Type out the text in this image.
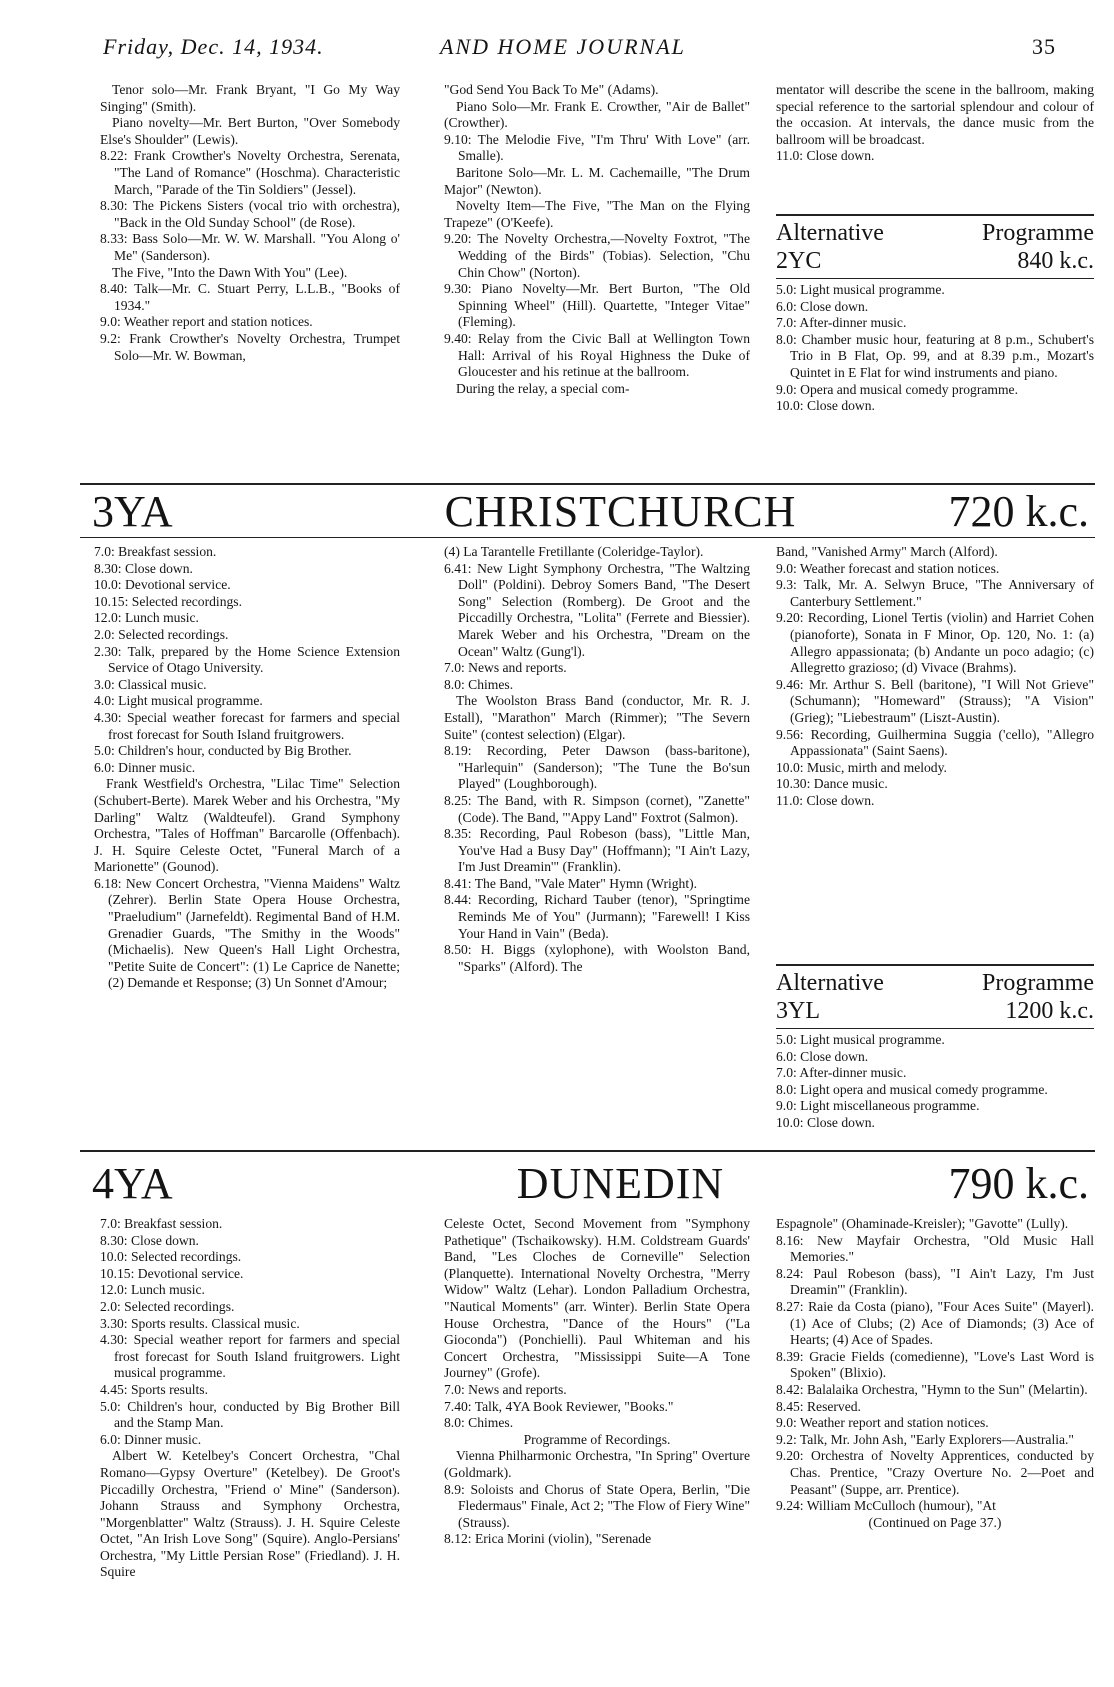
Friday, Dec. 14, 1934.	AND HOME JOURNAL	35

Tenor solo—Mr. Frank Bryant, "I Go My Way Singing" (Smith).

Piano novelty—Mr. Bert Burton, "Over Somebody Else's Shoulder" (Lewis).

8.22: Frank Crowther's Novelty Orchestra, Serenata, "The Land of Romance" (Hoschma). Characteristic March, "Parade of the Tin Soldiers" (Jessel).

8.30: The Pickens Sisters (vocal trio with orchestra), "Back in the Old Sunday School" (de Rose).

8.33: Bass Solo—Mr. W. W. Marshall. "You Along o' Me" (Sanderson).

The Five, "Into the Dawn With You" (Lee).

8.40: Talk—Mr. C. Stuart Perry, L.L.B., "Books of 1934."

9.0: Weather report and station notices.

9.2: Frank Crowther's Novelty Orchestra, Trumpet Solo—Mr. W. Bowman,

"God Send You Back To Me" (Adams).

Piano Solo—Mr. Frank E. Crowther, "Air de Ballet" (Crowther).

9.10: The Melodie Five, "I'm Thru' With Love" (arr. Smalle).

Baritone Solo—Mr. L. M. Cachemaille, "The Drum Major" (Newton).

Novelty Item—The Five, "The Man on the Flying Trapeze" (O'Keefe).

9.20: The Novelty Orchestra,—Novelty Foxtrot, "The Wedding of the Birds" (Tobias). Selection, "Chu Chin Chow" (Norton).

9.30: Piano Novelty—Mr. Bert Burton, "The Old Spinning Wheel" (Hill). Quartette, "Integer Vitae" (Fleming).

9.40: Relay from the Civic Ball at Wellington Town Hall: Arrival of his Royal Highness the Duke of Gloucester and his retinue at the ballroom.

During the relay, a special com-

mentator will describe the scene in the ballroom, making special reference to the sartorial splendour and colour of the occasion. At intervals, the dance music from the ballroom will be broadcast.

11.0: Close down.

Alternative	Programme
2YC	840 k.c.

5.0: Light musical programme.

6.0: Close down.

7.0: After-dinner music.

8.0: Chamber music hour, featuring at 8 p.m., Schubert's Trio in B Flat, Op. 99, and at 8.39 p.m., Mozart's Quintet in E Flat for wind instruments and piano.

9.0: Opera and musical comedy programme.

10.0: Close down.

3YA	CHRISTCHURCH	720 k.c.

7.0: Breakfast session.

8.30: Close down.

10.0: Devotional service.

10.15: Selected recordings.

12.0: Lunch music.

2.0: Selected recordings.

2.30: Talk, prepared by the Home Science Extension Service of Otago University.

3.0: Classical music.

4.0: Light musical programme.

4.30: Special weather forecast for farmers and special frost forecast for South Island fruitgrowers.

5.0: Children's hour, conducted by Big Brother.

6.0: Dinner music.

Frank Westfield's Orchestra, "Lilac Time" Selection (Schubert-Berte). Marek Weber and his Orchestra, "My Darling" Waltz (Waldteufel). Grand Symphony Orchestra, "Tales of Hoffman" Barcarolle (Offenbach). J. H. Squire Celeste Octet, "Funeral March of a Marionette" (Gounod).

6.18: New Concert Orchestra, "Vienna Maidens" Waltz (Zehrer). Berlin State Opera House Orchestra, "Praeludium" (Jarnefeldt). Regimental Band of H.M. Grenadier Guards, "The Smithy in the Woods" (Michaelis). New Queen's Hall Light Orchestra, "Petite Suite de Concert": (1) Le Caprice de Nanette; (2) Demande et Response; (3) Un Sonnet d'Amour;

(4) La Tarantelle Fretillante (Coleridge-Taylor).

6.41: New Light Symphony Orchestra, "The Waltzing Doll" (Poldini). Debroy Somers Band, "The Desert Song" Selection (Romberg). De Groot and the Piccadilly Orchestra, "Lolita" (Ferrete and Biessier). Marek Weber and his Orchestra, "Dream on the Ocean" Waltz (Gung'l).

7.0: News and reports.

8.0: Chimes.

The Woolston Brass Band (conductor, Mr. R. J. Estall), "Marathon" March (Rimmer); "The Severn Suite" (contest selection) (Elgar).

8.19: Recording, Peter Dawson (bass-baritone), "Harlequin" (Sanderson); "The Tune the Bo'sun Played" (Loughborough).

8.25: The Band, with R. Simpson (cornet), "Zanette" (Code). The Band, "'Appy Land" Foxtrot (Salmon).

8.35: Recording, Paul Robeson (bass), "Little Man, You've Had a Busy Day" (Hoffmann); "I Ain't Lazy, I'm Just Dreamin'" (Franklin).

8.41: The Band, "Vale Mater" Hymn (Wright).

8.44: Recording, Richard Tauber (tenor), "Springtime Reminds Me of You" (Jurmann); "Farewell! I Kiss Your Hand in Vain" (Beda).

8.50: H. Biggs (xylophone), with Woolston Band, "Sparks" (Alford). The

Band, "Vanished Army" March (Alford).

9.0: Weather forecast and station notices.

9.3: Talk, Mr. A. Selwyn Bruce, "The Anniversary of Canterbury Settlement."

9.20: Recording, Lionel Tertis (violin) and Harriet Cohen (pianoforte), Sonata in F Minor, Op. 120, No. 1: (a) Allegro appassionata; (b) Andante un poco adagio; (c) Allegretto grazioso; (d) Vivace (Brahms).

9.46: Mr. Arthur S. Bell (baritone), "I Will Not Grieve" (Schumann); "Homeward" (Strauss); "A Vision" (Grieg); "Liebestraum" (Liszt-Austin).

9.56: Recording, Guilhermina Suggia ('cello), "Allegro Appassionata" (Saint Saens).

10.0: Music, mirth and melody.

10.30: Dance music.

11.0: Close down.

Alternative	Programme
3YL	1200 k.c.

5.0: Light musical programme.

6.0: Close down.

7.0: After-dinner music.

8.0: Light opera and musical comedy programme.

9.0: Light miscellaneous programme.

10.0: Close down.

4YA	DUNEDIN	790 k.c.

7.0: Breakfast session.

8.30: Close down.

10.0: Selected recordings.

10.15: Devotional service.

12.0: Lunch music.

2.0: Selected recordings.

3.30: Sports results. Classical music.

4.30: Special weather report for farmers and special frost forecast for South Island fruitgrowers. Light musical programme.

4.45: Sports results.

5.0: Children's hour, conducted by Big Brother Bill and the Stamp Man.

6.0: Dinner music.

Albert W. Ketelbey's Concert Orchestra, "Chal Romano—Gypsy Overture" (Ketelbey). De Groot's Piccadilly Orchestra, "Friend o' Mine" (Sanderson). Johann Strauss and Symphony Orchestra, "Morgenblatter" Waltz (Strauss). J. H. Squire Celeste Octet, "An Irish Love Song" (Squire). Anglo-Persians' Orchestra, "My Little Persian Rose" (Friedland). J. H. Squire

Celeste Octet, Second Movement from "Symphony Pathetique" (Tschaikowsky). H.M. Coldstream Guards' Band, "Les Cloches de Corneville" Selection (Planquette). International Novelty Orchestra, "Merry Widow" Waltz (Lehar). London Palladium Orchestra, "Nautical Moments" (arr. Winter). Berlin State Opera House Orchestra, "Dance of the Hours" ("La Gioconda") (Ponchielli). Paul Whiteman and his Concert Orchestra, "Mississippi Suite—A Tone Journey" (Grofe).

7.0: News and reports.

7.40: Talk, 4YA Book Reviewer, "Books."

8.0: Chimes.

Programme of Recordings.

Vienna Philharmonic Orchestra, "In Spring" Overture (Goldmark).

8.9: Soloists and Chorus of State Opera, Berlin, "Die Fledermaus" Finale, Act 2; "The Flow of Fiery Wine" (Strauss).

8.12: Erica Morini (violin), "Serenade

Espagnole" (Ohaminade-Kreisler); "Gavotte" (Lully).

8.16: New Mayfair Orchestra, "Old Music Hall Memories."

8.24: Paul Robeson (bass), "I Ain't Lazy, I'm Just Dreamin'" (Franklin).

8.27: Raie da Costa (piano), "Four Aces Suite" (Mayerl). (1) Ace of Clubs; (2) Ace of Diamonds; (3) Ace of Hearts; (4) Ace of Spades.

8.39: Gracie Fields (comedienne), "Love's Last Word is Spoken" (Blixio).

8.42: Balalaika Orchestra, "Hymn to the Sun" (Melartin).

8.45: Reserved.

9.0: Weather report and station notices.

9.2: Talk, Mr. John Ash, "Early Explorers—Australia."

9.20: Orchestra of Novelty Apprentices, conducted by Chas. Prentice, "Crazy Overture No. 2—Poet and Peasant" (Suppe, arr. Prentice).

9.24: William McCulloch (humour), "At

(Continued on Page 37.)
